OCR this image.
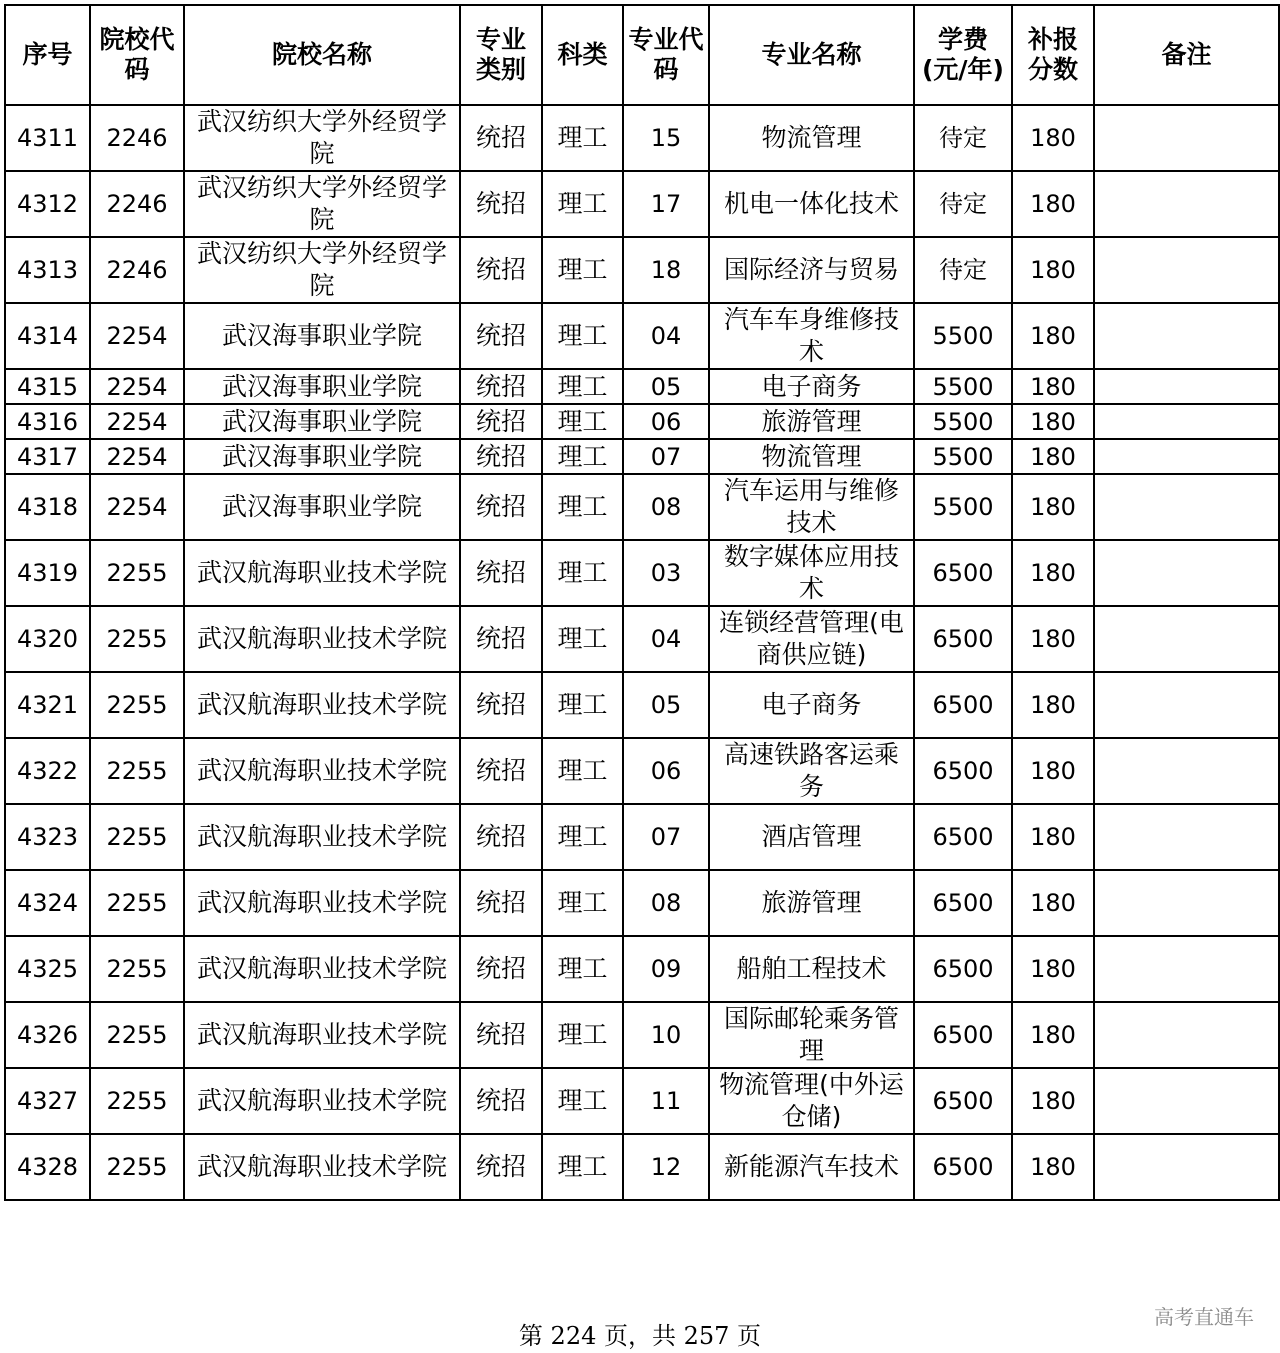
序号	院校代码	院校名称	专业类别	科类	专业代码	专业名称	学费(元/年)	补报分数	备注
4311	2246	武汉纺织大学外经贸学院	统招	理工	15	物流管理	待定	180	
4312	2246	武汉纺织大学外经贸学院	统招	理工	17	机电一体化技术	待定	180	
4313	2246	武汉纺织大学外经贸学院	统招	理工	18	国际经济与贸易	待定	180	
4314	2254	武汉海事职业学院	统招	理工	04	汽车车身维修技术	5500	180	
4315	2254	武汉海事职业学院	统招	理工	05	电子商务	5500	180	
4316	2254	武汉海事职业学院	统招	理工	06	旅游管理	5500	180	
4317	2254	武汉海事职业学院	统招	理工	07	物流管理	5500	180	
4318	2254	武汉海事职业学院	统招	理工	08	汽车运用与维修技术	5500	180	
4319	2255	武汉航海职业技术学院	统招	理工	03	数字媒体应用技术	6500	180	
4320	2255	武汉航海职业技术学院	统招	理工	04	连锁经营管理(电商供应链)	6500	180	
4321	2255	武汉航海职业技术学院	统招	理工	05	电子商务	6500	180	
4322	2255	武汉航海职业技术学院	统招	理工	06	高速铁路客运乘务	6500	180	
4323	2255	武汉航海职业技术学院	统招	理工	07	酒店管理	6500	180	
4324	2255	武汉航海职业技术学院	统招	理工	08	旅游管理	6500	180	
4325	2255	武汉航海职业技术学院	统招	理工	09	船舶工程技术	6500	180	
4326	2255	武汉航海职业技术学院	统招	理工	10	国际邮轮乘务管理	6500	180	
4327	2255	武汉航海职业技术学院	统招	理工	11	物流管理(中外运仓储)	6500	180	
4328	2255	武汉航海职业技术学院	统招	理工	12	新能源汽车技术	6500	180	
高考直通车
第 224 页，共 257 页
